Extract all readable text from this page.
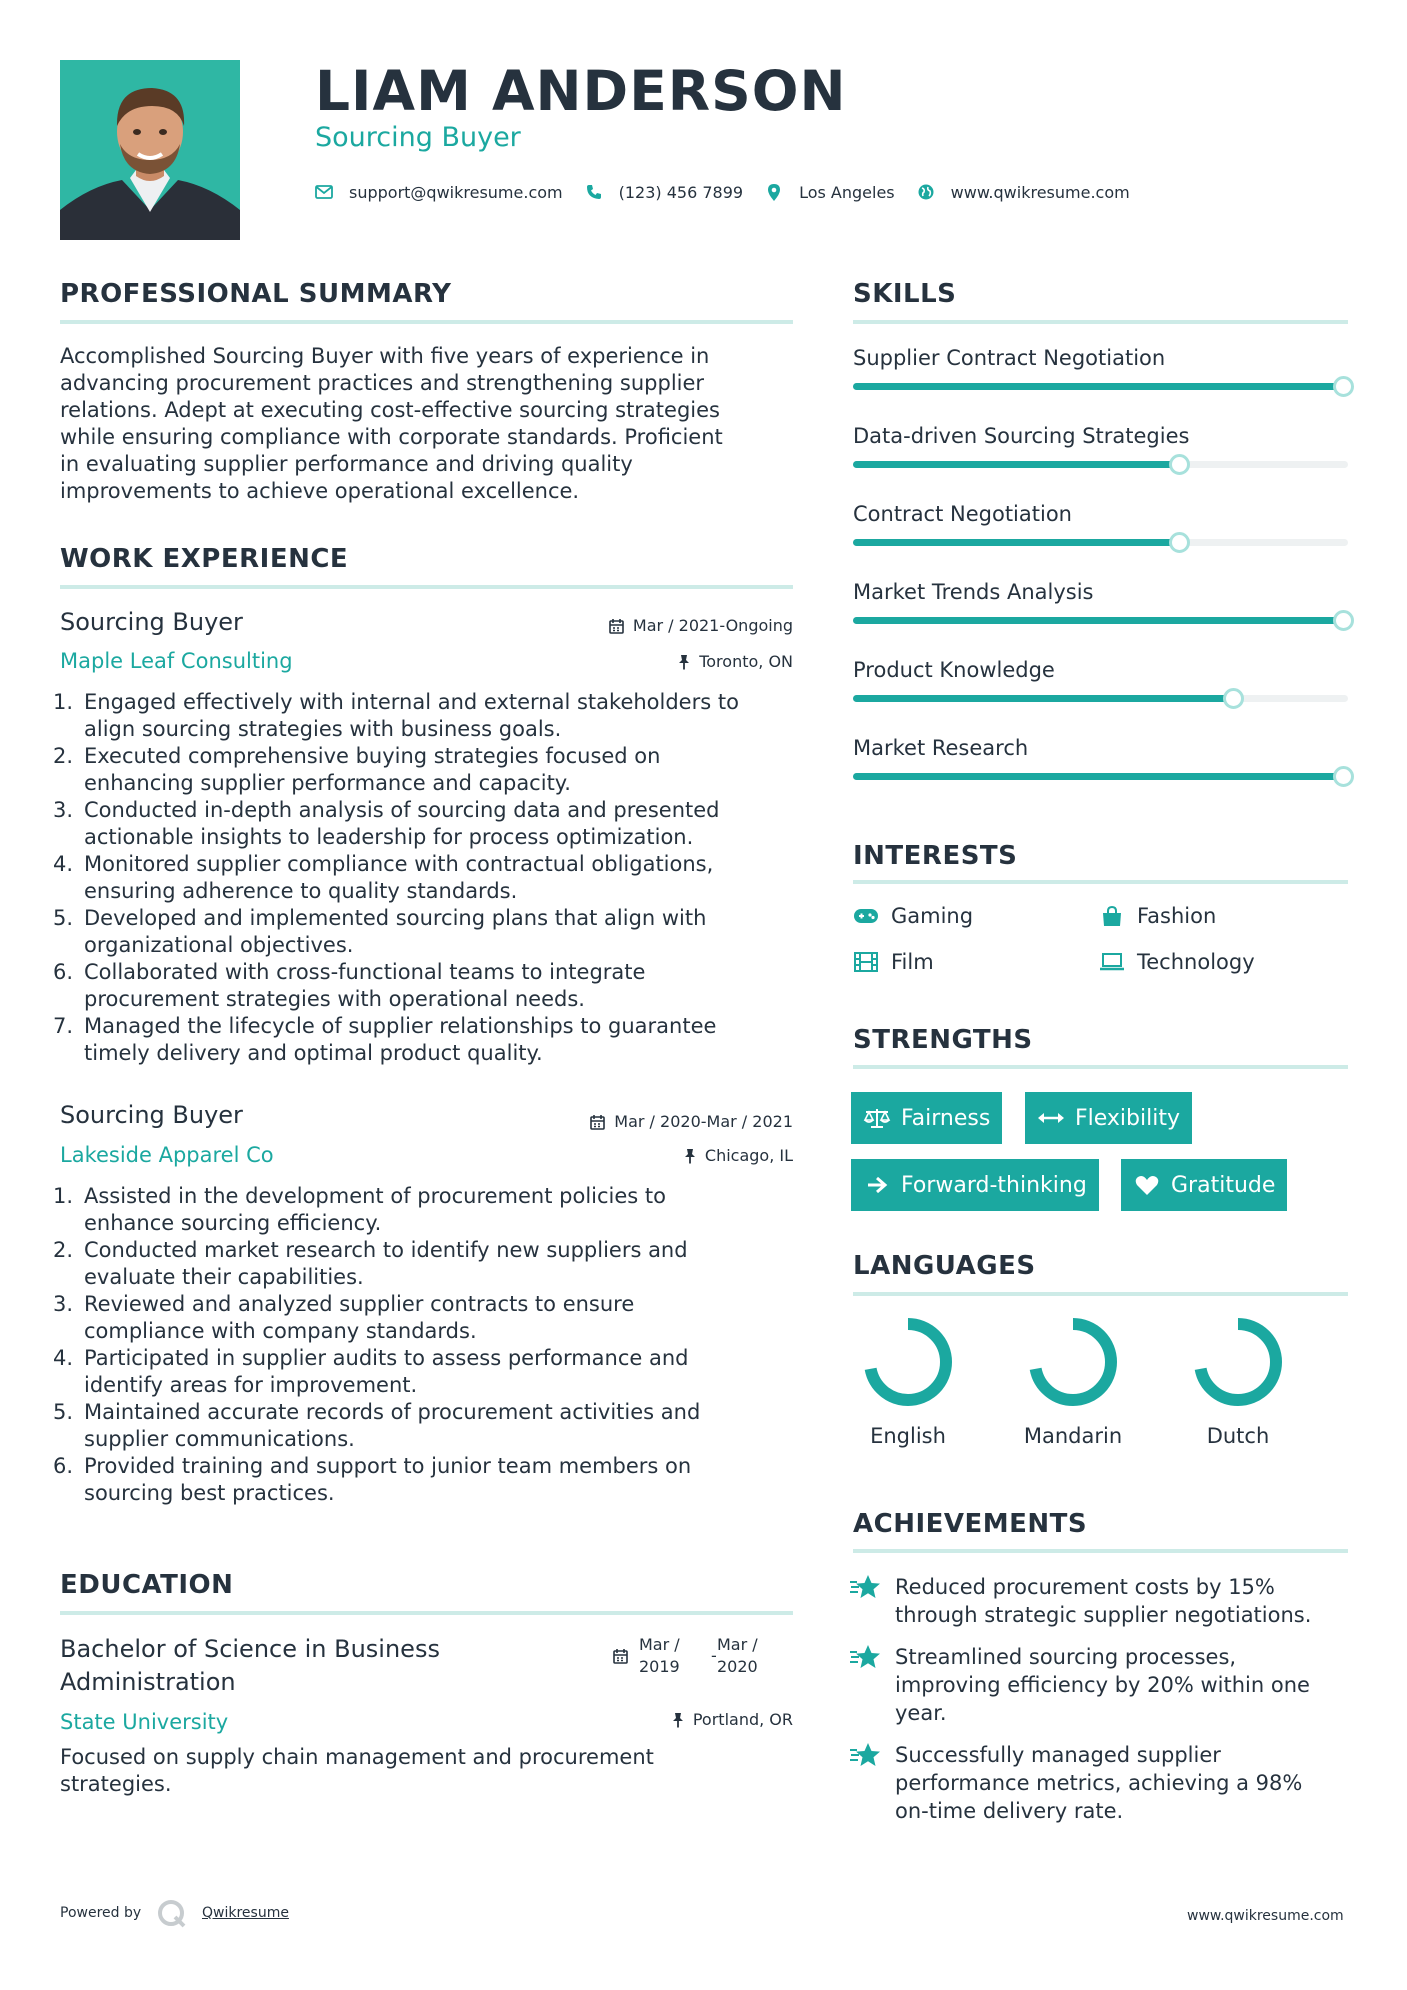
LIAM ANDERSON
Sourcing Buyer
support@qwikresume.com	(123) 456 7899	Los Angeles	www.qwikresume.com
PROFESSIONAL SUMMARY
Accomplished Sourcing Buyer with five years of experience in
advancing procurement practices and strengthening supplier
relations. Adept at executing cost-effective sourcing strategies
while ensuring compliance with corporate standards. Proficient
in evaluating supplier performance and driving quality
improvements to achieve operational excellence.
WORK EXPERIENCE
Sourcing Buyer	Mar / 2021-Ongoing
Maple Leaf Consulting	Toronto, ON
1. Engaged effectively with internal and external stakeholders to
align sourcing strategies with business goals.
2. Executed comprehensive buying strategies focused on
enhancing supplier performance and capacity.
3. Conducted in-depth analysis of sourcing data and presented
actionable insights to leadership for process optimization.
4. Monitored supplier compliance with contractual obligations,
ensuring adherence to quality standards.
5. Developed and implemented sourcing plans that align with
organizational objectives.
6. Collaborated with cross-functional teams to integrate
procurement strategies with operational needs.
7. Managed the lifecycle of supplier relationships to guarantee
timely delivery and optimal product quality.
Sourcing Buyer	Mar / 2020-Mar / 2021
Lakeside Apparel Co	Chicago, IL
1. Assisted in the development of procurement policies to
enhance sourcing efficiency.
2. Conducted market research to identify new suppliers and
evaluate their capabilities.
3. Reviewed and analyzed supplier contracts to ensure
compliance with company standards.
4. Participated in supplier audits to assess performance and
identify areas for improvement.
5. Maintained accurate records of procurement activities and
supplier communications.
6. Provided training and support to junior team members on
sourcing best practices.
EDUCATION
Bachelor of Science in Business
Administration
Mar /
2019
-
Mar /
2020
State University	Portland, OR
Focused on supply chain management and procurement
strategies.
SKILLS
Supplier Contract Negotiation
Data-driven Sourcing Strategies
Contract Negotiation
Market Trends Analysis
Product Knowledge
Market Research
INTERESTS
Gaming	Fashion
Film	Technology
STRENGTHS
Fairness	Flexibility
Forward-thinking	Gratitude
LANGUAGES
English	Mandarin	Dutch
ACHIEVEMENTS
Reduced procurement costs by 15%
through strategic supplier negotiations.
Streamlined sourcing processes,
improving efficiency by 20% within one
year.
Successfully managed supplier
performance metrics, achieving a 98%
on-time delivery rate.
Powered by	Qwikresume	www.qwikresume.com
